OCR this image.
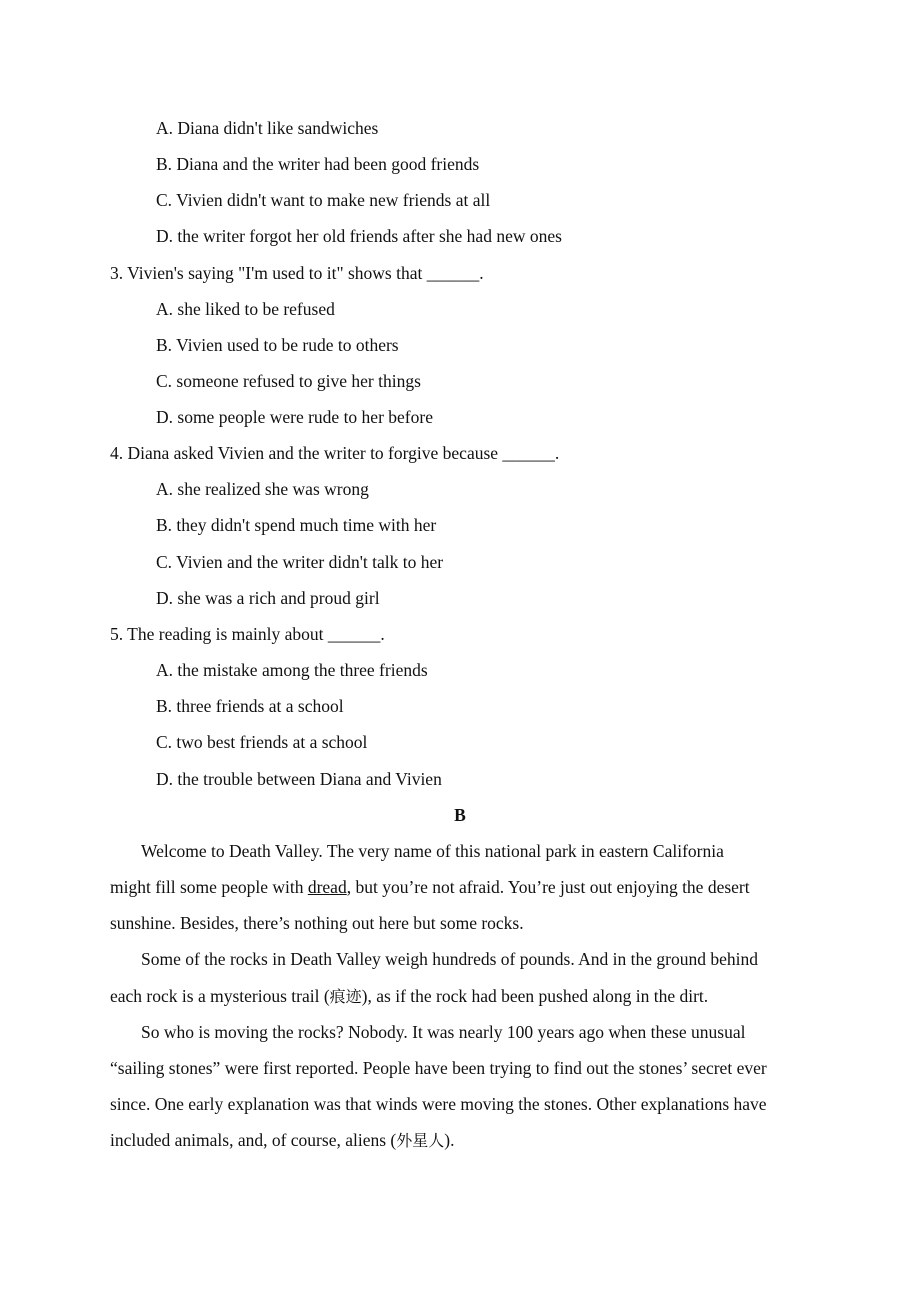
A. Diana didn't like sandwiches
B. Diana and the writer had been good friends
C. Vivien didn't want to make new friends at all
D. the writer forgot her old friends after she had new ones
3. Vivien's saying "I'm used to it" shows that ______.
A. she liked to be refused
B. Vivien used to be rude to others
C. someone refused to give her things
D. some people were rude to her before
4. Diana asked Vivien and the writer to forgive because ______.
A. she realized she was wrong
B. they didn't spend much time with her
C. Vivien and the writer didn't talk to her
D. she was a rich and proud girl
5. The reading is mainly about ______.
A. the mistake among the three friends
B. three friends at a school
C. two best friends at a school
D. the trouble between Diana and Vivien
B
Welcome to Death Valley. The very name of this national park in eastern California
might fill some people with dread, but you’re not afraid. You’re just out enjoying the desert
sunshine. Besides, there’s nothing out here but some rocks.
Some of the rocks in Death Valley weigh hundreds of pounds. And in the ground behind
each rock is a mysterious trail (痕迹), as if the rock had been pushed along in the dirt.
So who is moving the rocks? Nobody. It was nearly 100 years ago when these unusual
“sailing stones” were first reported. People have been trying to find out the stones’ secret ever
since. One early explanation was that winds were moving the stones. Other explanations have
included animals, and, of course, aliens (外星人).
